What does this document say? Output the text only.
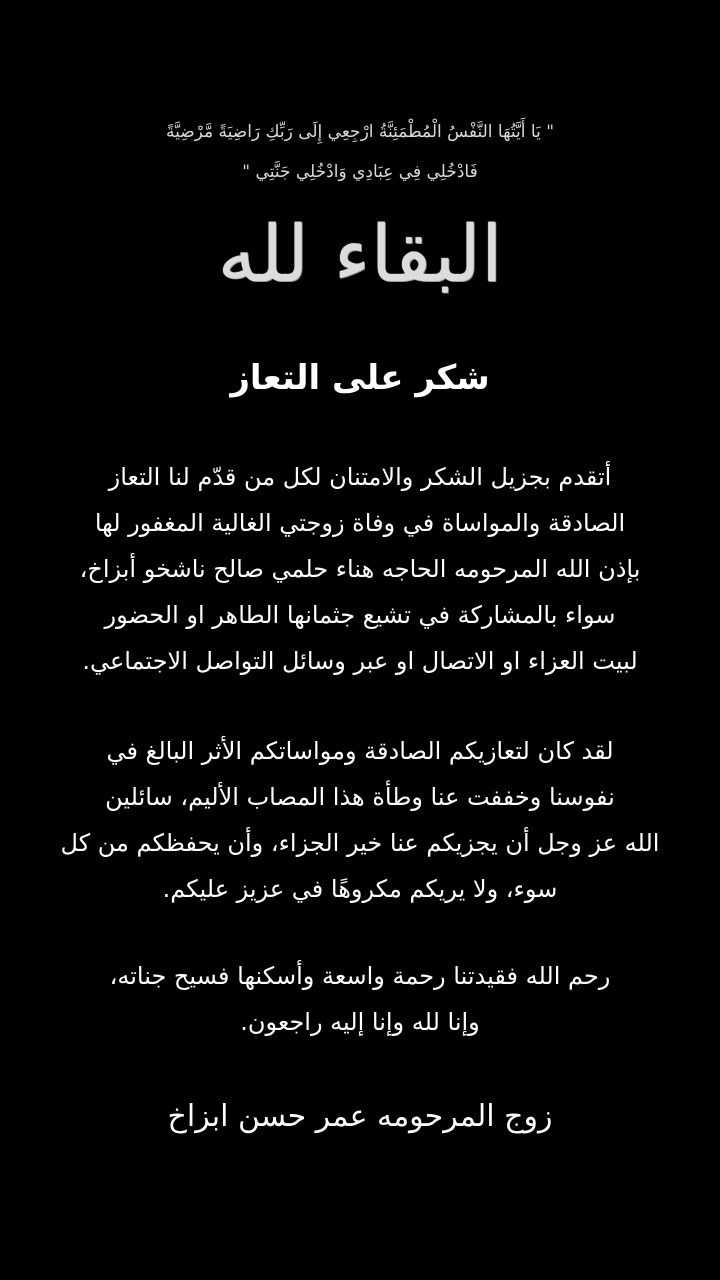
" يَا أَيَّتُهَا النَّفْسُ الْمُطْمَئِنَّةُ ارْجِعِي إِلَى رَبِّكِ رَاضِيَةً مَّرْضِيَّةً
فَادْخُلِي فِي عِبَادِي وَادْخُلِي جَنَّتِي "
البقاء لله
شكر على التعاز
أتقدم بجزيل الشكر والامتنان لكل من قدّم لنا التعاز
الصادقة والمواساة في وفاة زوجتي الغالية المغفور لها
بإذن الله المرحومه الحاجه هناء حلمي صالح ناشخو أبزاخ،
سواء بالمشاركة في تشيع جثمانها الطاهر او الحضور
لبيت العزاء او الاتصال او عبر وسائل التواصل الاجتماعي.
لقد كان لتعازيكم الصادقة ومواساتكم الأثر البالغ في
نفوسنا وخففت عنا وطأة هذا المصاب الأليم، سائلين
الله عز وجل أن يجزيكم عنا خير الجزاء، وأن يحفظكم من كل
سوء، ولا يريكم مكروهًا في عزيز عليكم.
رحم الله فقيدتنا رحمة واسعة وأسكنها فسيح جناته،
وإنا لله وإنا إليه راجعون.
زوج المرحومه عمر حسن ابزاخ
